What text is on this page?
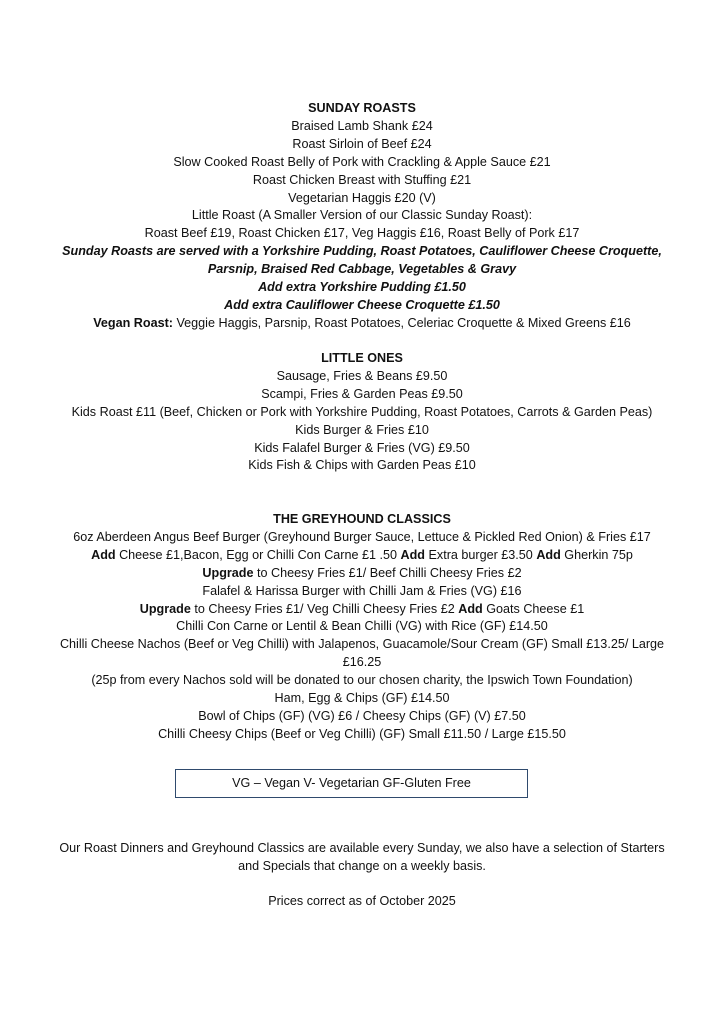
SUNDAY ROASTS
Braised Lamb Shank £24
Roast Sirloin of Beef £24
Slow Cooked Roast Belly of Pork with Crackling & Apple Sauce £21
Roast Chicken Breast with Stuffing £21
Vegetarian Haggis £20 (V)
Little Roast (A Smaller Version of our Classic Sunday Roast):
Roast Beef £19, Roast Chicken £17, Veg Haggis £16, Roast Belly of Pork £17
Sunday Roasts are served with a Yorkshire Pudding, Roast Potatoes, Cauliflower Cheese Croquette,
Parsnip, Braised Red Cabbage, Vegetables & Gravy
Add extra Yorkshire Pudding £1.50
Add extra Cauliflower Cheese Croquette £1.50
Vegan Roast: Veggie Haggis, Parsnip, Roast Potatoes, Celeriac Croquette & Mixed Greens £16
LITTLE ONES
Sausage, Fries & Beans £9.50
Scampi, Fries & Garden Peas £9.50
Kids Roast £11 (Beef, Chicken or Pork with Yorkshire Pudding, Roast Potatoes, Carrots & Garden Peas)
Kids Burger & Fries £10
Kids Falafel Burger & Fries (VG) £9.50
Kids Fish & Chips with Garden Peas £10
THE GREYHOUND CLASSICS
6oz Aberdeen Angus Beef Burger (Greyhound Burger Sauce, Lettuce & Pickled Red Onion) & Fries £17
Add Cheese £1,Bacon, Egg or Chilli Con Carne £1 .50 Add Extra burger £3.50 Add Gherkin 75p
Upgrade to Cheesy Fries £1/ Beef Chilli Cheesy Fries £2
Falafel & Harissa Burger with Chilli Jam & Fries (VG) £16
Upgrade to Cheesy Fries £1/ Veg Chilli Cheesy Fries £2 Add Goats Cheese £1
Chilli Con Carne or Lentil & Bean Chilli (VG) with Rice (GF) £14.50
Chilli Cheese Nachos (Beef or Veg Chilli) with Jalapenos, Guacamole/Sour Cream (GF) Small £13.25/ Large
£16.25
(25p from every Nachos sold will be donated to our chosen charity, the Ipswich Town Foundation)
Ham, Egg & Chips (GF) £14.50
Bowl of Chips (GF) (VG) £6 / Cheesy Chips (GF) (V) £7.50
Chilli Cheesy Chips (Beef or Veg Chilli) (GF) Small £11.50 / Large £15.50
VG – Vegan V- Vegetarian GF-Gluten Free
Our Roast Dinners and Greyhound Classics are available every Sunday, we also have a selection of Starters
and Specials that change on a weekly basis.
Prices correct as of October 2025
